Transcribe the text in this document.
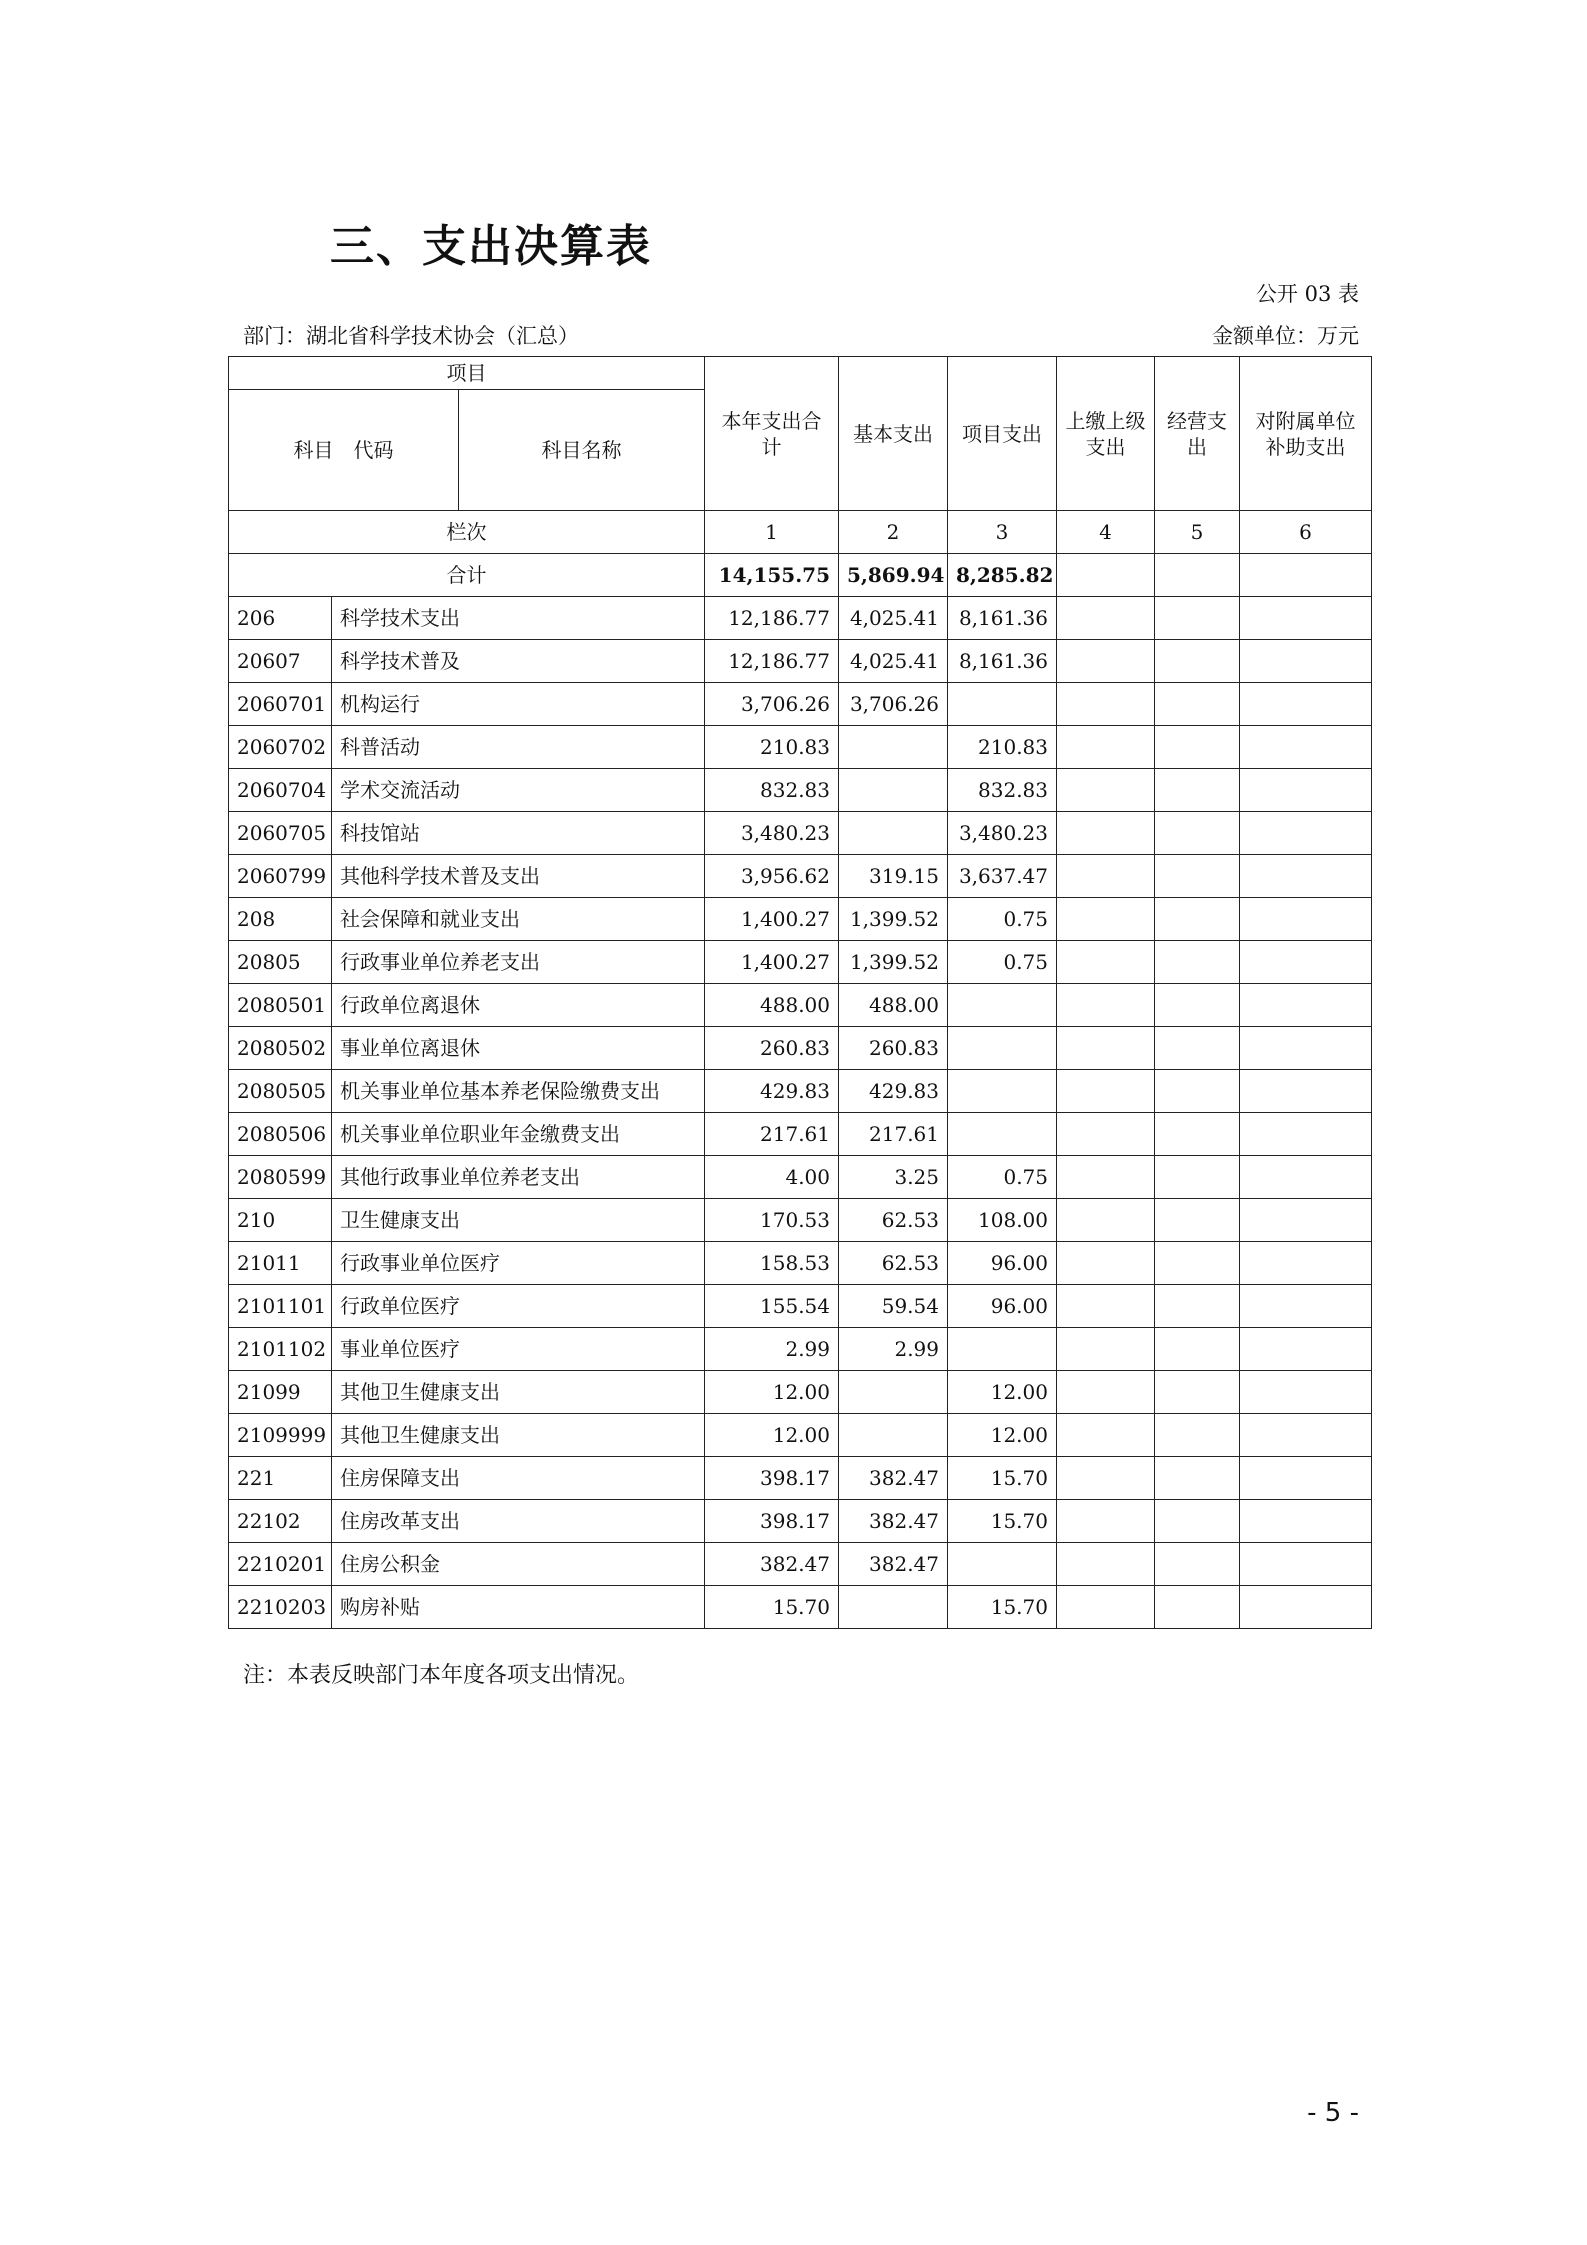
三、支出决算表
公开 03 表
部门：湖北省科学技术协会（汇总）	金额单位：万元
项目			本年支出合计	基本支出	项目支出	上缴上级支出	经营支出	对附属单位补助支出
科目　代码		科目名称						
栏次			1	2	3	4	5	6
合计			14,155.75	5,869.94	8,285.82			
206	科学技术支出		12,186.77	4,025.41	8,161.36			
20607	科学技术普及		12,186.77	4,025.41	8,161.36			
2060701	机构运行		3,706.26	3,706.26				
2060702	科普活动		210.83		210.83			
2060704	学术交流活动		832.83		832.83			
2060705	科技馆站		3,480.23		3,480.23			
2060799	其他科学技术普及支出		3,956.62	319.15	3,637.47			
208	社会保障和就业支出		1,400.27	1,399.52	0.75			
20805	行政事业单位养老支出		1,400.27	1,399.52	0.75			
2080501	行政单位离退休		488.00	488.00				
2080502	事业单位离退休		260.83	260.83				
2080505	机关事业单位基本养老保险缴费支出		429.83	429.83				
2080506	机关事业单位职业年金缴费支出		217.61	217.61				
2080599	其他行政事业单位养老支出		4.00	3.25	0.75			
210	卫生健康支出		170.53	62.53	108.00			
21011	行政事业单位医疗		158.53	62.53	96.00			
2101101	行政单位医疗		155.54	59.54	96.00			
2101102	事业单位医疗		2.99	2.99				
21099	其他卫生健康支出		12.00		12.00			
2109999	其他卫生健康支出		12.00		12.00			
221	住房保障支出		398.17	382.47	15.70			
22102	住房改革支出		398.17	382.47	15.70			
2210201	住房公积金		382.47	382.47				
2210203	购房补贴		15.70		15.70			
注：本表反映部门本年度各项支出情况。
- 5 -
